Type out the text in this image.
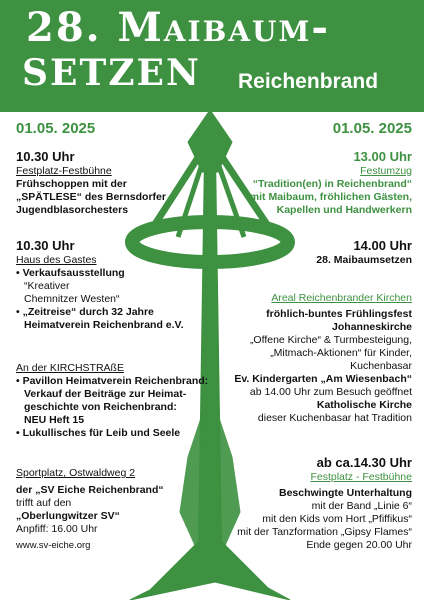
28. Maibaum-
SETZEN Reichenbrand
01.05. 2025
10.30 Uhr
Festplatz-Festbühne
Frühschoppen mit der
„SPÄTLESE“ des Bernsdorfer
Jugendblasorchesters
10.30 Uhr
Haus des Gastes
• Verkaufsausstellung
“Kreativer
Chemnitzer Westen“
• „Zeitreise“ durch 32 Jahre
Heimatverein Reichenbrand e.V.
An der KIRCHSTRAßE
• Pavillon Heimatverein Reichenbrand:
Verkauf der Beiträge zur Heimat-
geschichte von Reichenbrand:
NEU Heft 15
• Lukullisches für Leib und Seele
Sportplatz, Ostwaldweg 2
der „SV Eiche Reichenbrand“
trifft auf den
„Oberlungwitzer SV“
Anpfiff: 16.00 Uhr
www.sv-eiche.org
01.05. 2025
13.00 Uhr
Festumzug
“Tradition(en) in Reichenbrand“
mit Maibaum, fröhlichen Gästen,
Kapellen und Handwerkern
14.00 Uhr
28. Maibaumsetzen
Areal Reichenbrander Kirchen
fröhlich-buntes Frühlingsfest
Johanneskirche
„Offene Kirche“ & Turmbesteigung,
„Mitmach-Aktionen“ für Kinder,
Kuchenbasar
Ev. Kindergarten „Am Wiesenbach“
ab 14.00 Uhr zum Besuch geöffnet
Katholische Kirche
dieser Kuchenbasar hat Tradition
ab ca.14.30 Uhr
Festplatz - Festbühne
Beschwingte Unterhaltung
mit der Band „Linie 6“
mit den Kids vom Hort „Pfiffikus“
mit der Tanzformation „Gipsy Flames“
Ende gegen 20.00 Uhr
